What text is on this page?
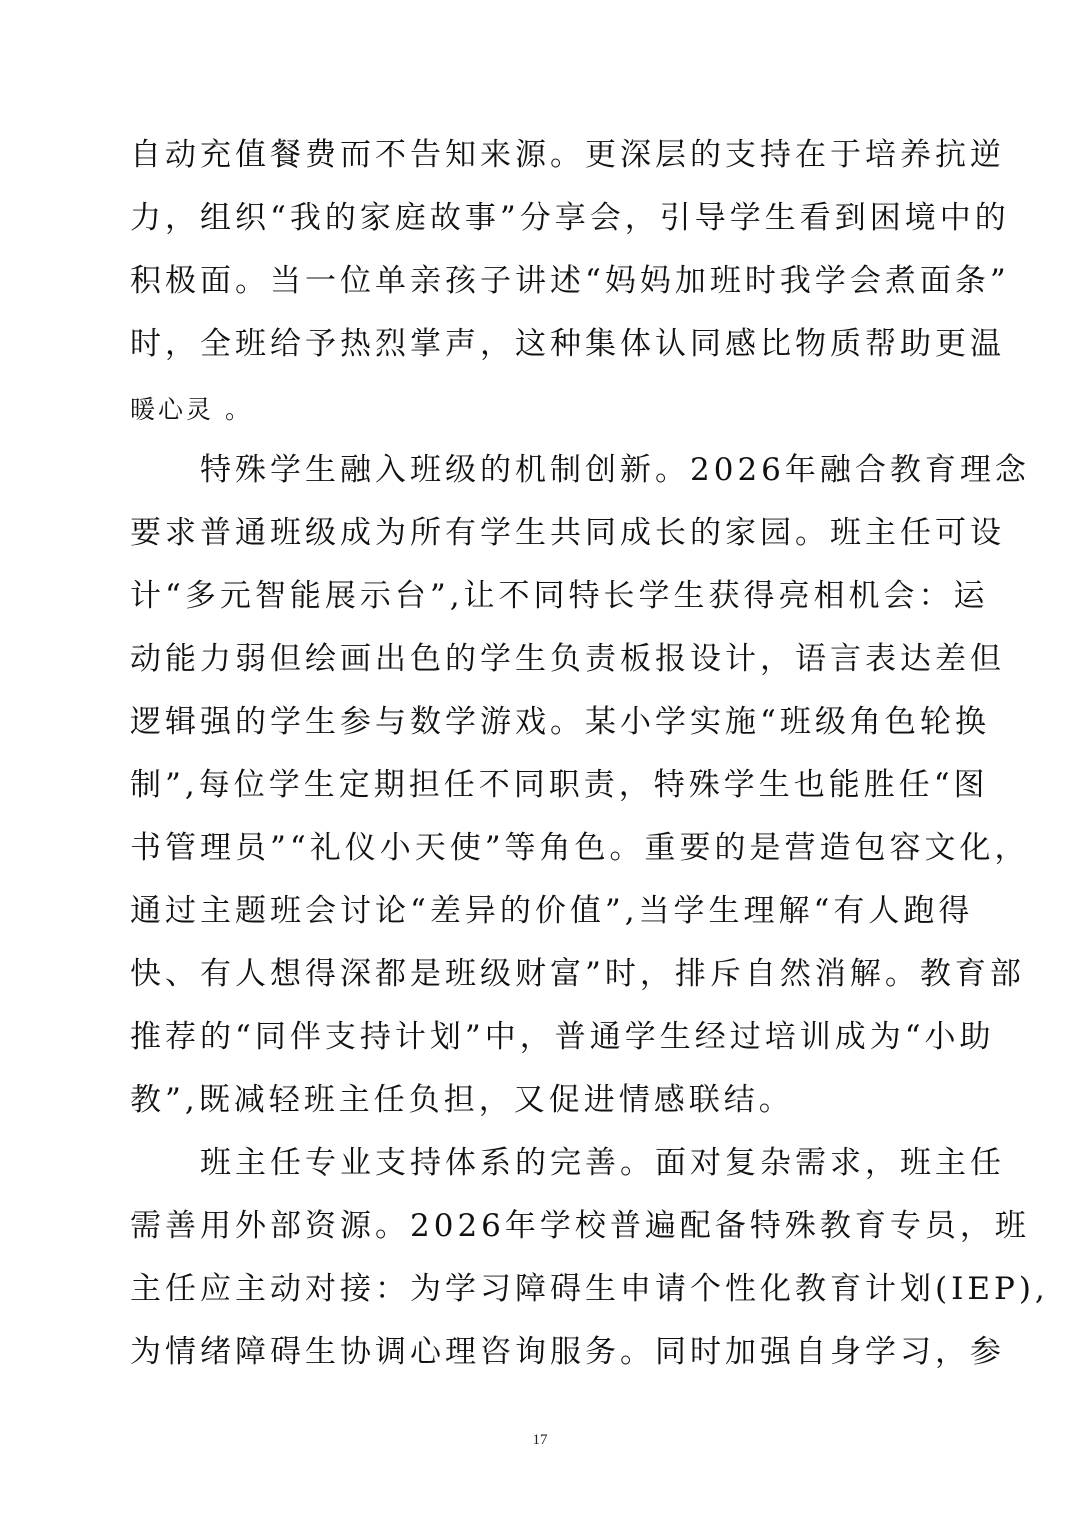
自动充值餐费而不告知来源。更深层的支持在于培养抗逆
力，组织“我的家庭故事”分享会，引导学生看到困境中的
积极面。当一位单亲孩子讲述“妈妈加班时我学会煮面条”
时，全班给予热烈掌声，这种集体认同感比物质帮助更温
暖心灵 。
特殊学生融入班级的机制创新。2026年融合教育理念
要求普通班级成为所有学生共同成长的家园。班主任可设
计“多元智能展示台”,让不同特长学生获得亮相机会：运
动能力弱但绘画出色的学生负责板报设计，语言表达差但
逻辑强的学生参与数学游戏。某小学实施“班级角色轮换
制”,每位学生定期担任不同职责，特殊学生也能胜任“图
书管理员”“礼仪小天使”等角色。重要的是营造包容文化，
通过主题班会讨论“差异的价值”,当学生理解“有人跑得
快、有人想得深都是班级财富”时，排斥自然消解。教育部
推荐的“同伴支持计划”中，普通学生经过培训成为“小助
教”,既减轻班主任负担，又促进情感联结。
班主任专业支持体系的完善。面对复杂需求，班主任
需善用外部资源。2026年学校普遍配备特殊教育专员，班
主任应主动对接：为学习障碍生申请个性化教育计划(IEP),
为情绪障碍生协调心理咨询服务。同时加强自身学习，参
17
